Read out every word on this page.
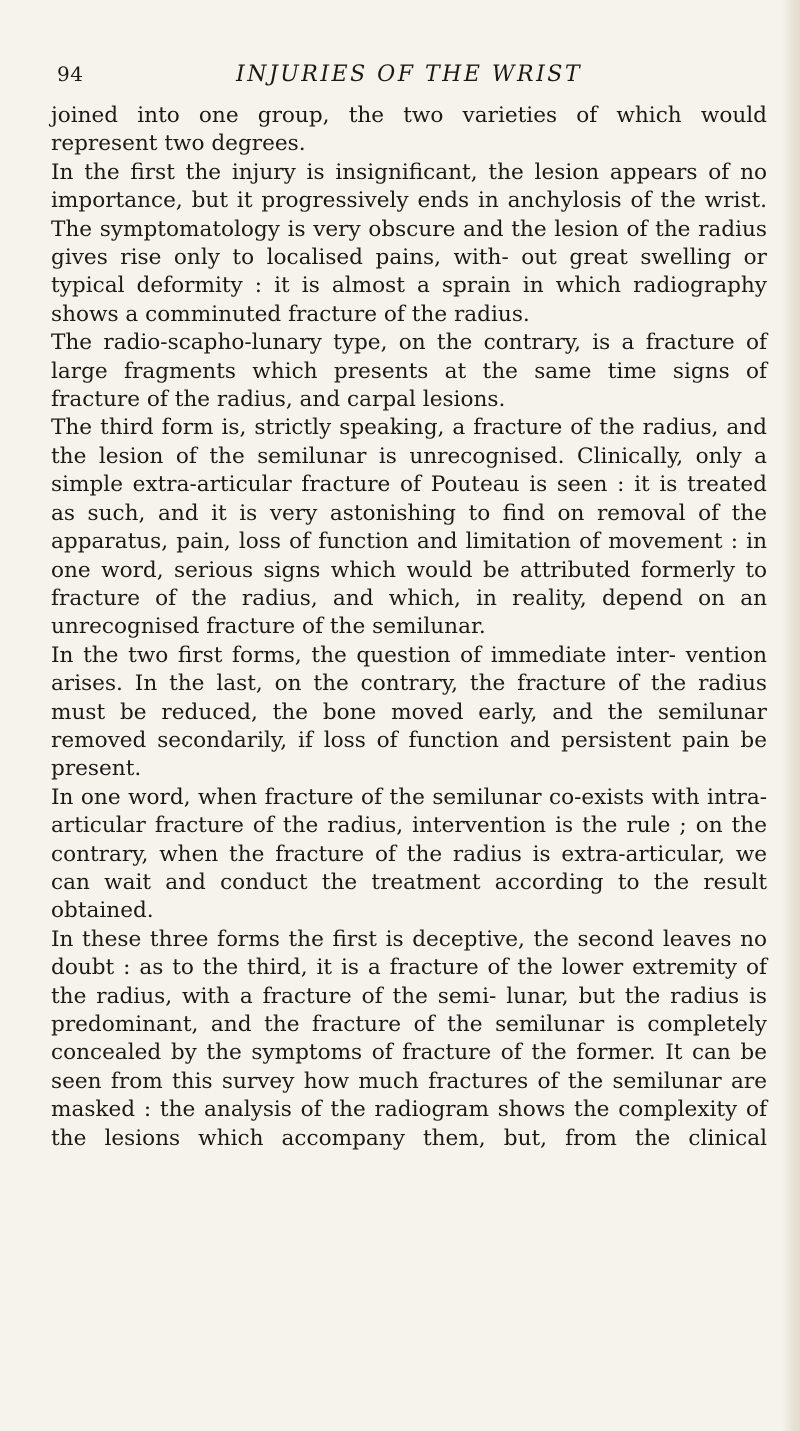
94	INJURIES OF THE WRIST

joined into one group, the two varieties of which would represent two degrees.

In the first the injury is insignificant, the lesion appears of no importance, but it progressively ends in anchylosis of the wrist. The symptomatology is very obscure and the lesion of the radius gives rise only to localised pains, with- out great swelling or typical deformity : it is almost a sprain in which radiography shows a comminuted fracture of the radius.

The radio-scapho-lunary type, on the contrary, is a fracture of large fragments which presents at the same time signs of fracture of the radius, and carpal lesions.

The third form is, strictly speaking, a fracture of the radius, and the lesion of the semilunar is unrecognised. Clinically, only a simple extra-articular fracture of Pouteau is seen : it is treated as such, and it is very astonishing to find on removal of the apparatus, pain, loss of function and limitation of movement : in one word, serious signs which would be attributed formerly to fracture of the radius, and which, in reality, depend on an unrecognised fracture of the semilunar.

In the two first forms, the question of immediate inter- vention arises. In the last, on the contrary, the fracture of the radius must be reduced, the bone moved early, and the semilunar removed secondarily, if loss of function and persistent pain be present.

In one word, when fracture of the semilunar co-exists with intra-articular fracture of the radius, intervention is the rule ; on the contrary, when the fracture of the radius is extra-articular, we can wait and conduct the treatment according to the result obtained.

In these three forms the first is deceptive, the second leaves no doubt : as to the third, it is a fracture of the lower extremity of the radius, with a fracture of the semi- lunar, but the radius is predominant, and the fracture of the semilunar is completely concealed by the symptoms of fracture of the former. It can be seen from this survey how much fractures of the semilunar are masked : the analysis of the radiogram shows the complexity of the lesions which accompany them, but, from the clinical
